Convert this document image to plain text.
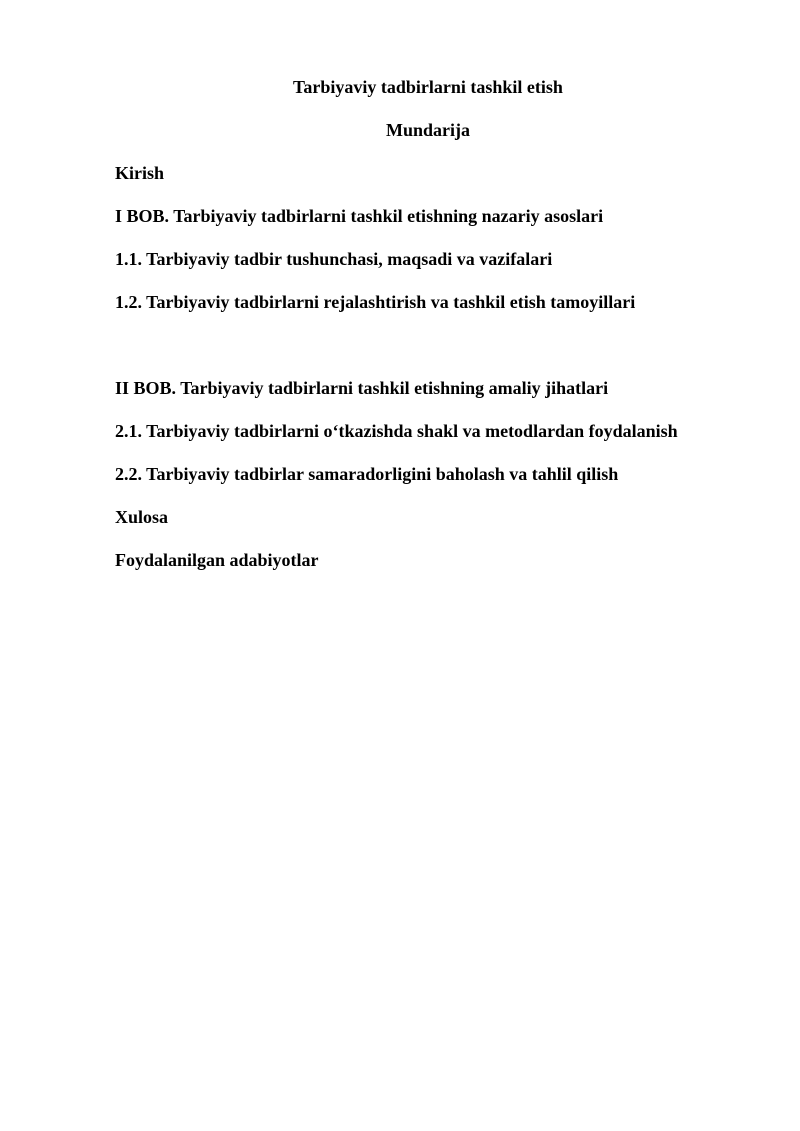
Tarbiyaviy tadbirlarni tashkil etish
Mundarija
Kirish
I BOB. Tarbiyaviy tadbirlarni tashkil etishning nazariy asoslari
1.1. Tarbiyaviy tadbir tushunchasi, maqsadi va vazifalari
1.2. Tarbiyaviy tadbirlarni rejalashtirish va tashkil etish tamoyillari
II BOB. Tarbiyaviy tadbirlarni tashkil etishning amaliy jihatlari
2.1. Tarbiyaviy tadbirlarni o‘tkazishda shakl va metodlardan foydalanish
2.2. Tarbiyaviy tadbirlar samaradorligini baholash va tahlil qilish
Xulosa
Foydalanilgan adabiyotlar
